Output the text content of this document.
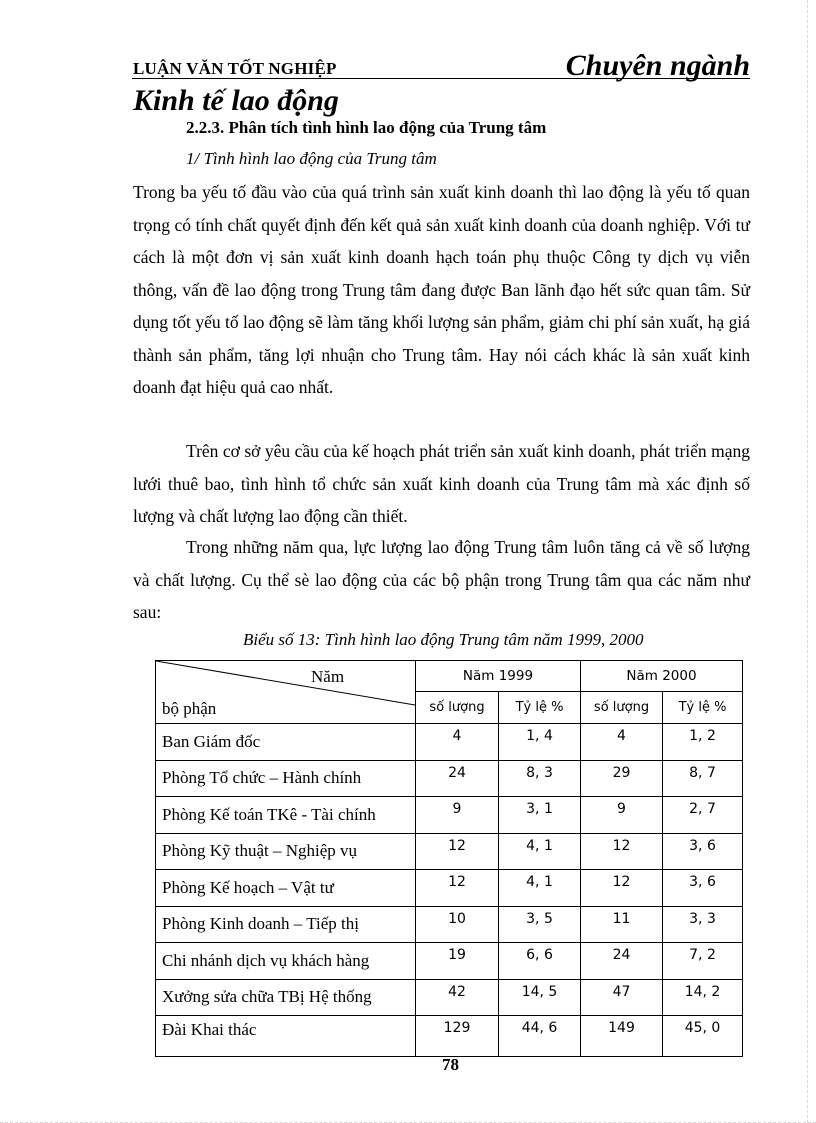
LUẬN VĂN TỐT NGHIỆP	Chuyên ngành
Kinh tế lao động
2.2.3. Phân tích tình hình lao động của Trung tâm
1/ Tình hình lao động của Trung tâm

Trong ba yếu tố đầu vào của quá trình sản xuất kinh doanh thì lao động là yếu tố quan trọng có tính chất quyết định đến kết quả sản xuất kinh doanh của doanh nghiệp. Với tư cách là một đơn vị sản xuất kinh doanh hạch toán phụ thuộc Công ty dịch vụ viễn thông, vấn đề lao động trong Trung tâm đang được Ban lãnh đạo hết sức quan tâm. Sử dụng tốt yếu tố lao động sẽ làm tăng khối lượng sản phẩm, giảm chi phí sản xuất, hạ giá thành sản phẩm, tăng lợi nhuận cho Trung tâm. Hay nói cách khác là sản xuất kinh doanh đạt hiệu quả cao nhất.

Trên cơ sở yêu cầu của kế hoạch phát triển sản xuất kinh doanh, phát triển mạng lưới thuê bao, tình hình tổ chức sản xuất kinh doanh của Trung tâm mà xác định số lượng và chất lượng lao động cần thiết.

Trong những năm qua, lực lượng lao động Trung tâm luôn tăng cả về số lượng và chất lượng. Cụ thể sè lao động của các bộ phận trong Trung tâm qua các năm như sau:

Biểu số 13: Tình hình lao động Trung tâm năm 1999, 2000
Năm
bộ phận	Năm 1999		Năm 2000	
	số lượng	Tỷ lệ %	số lượng	Tỷ lệ %
Ban Giám đốc	4	1, 4	4	1, 2
Phòng Tổ chức – Hành chính	24	8, 3	29	8, 7
Phòng Kế toán TKê - Tài chính	9	3, 1	9	2, 7
Phòng Kỹ thuật – Nghiệp vụ	12	4, 1	12	3, 6
Phòng Kế hoạch – Vật tư	12	4, 1	12	3, 6
Phòng Kinh doanh – Tiếp thị	10	3, 5	11	3, 3
Chi nhánh dịch vụ khách hàng	19	6, 6	24	7, 2
Xưởng sửa chữa TBị Hệ thống	42	14, 5	47	14, 2
Đài Khai thác	129	44, 6	149	45, 0
78
